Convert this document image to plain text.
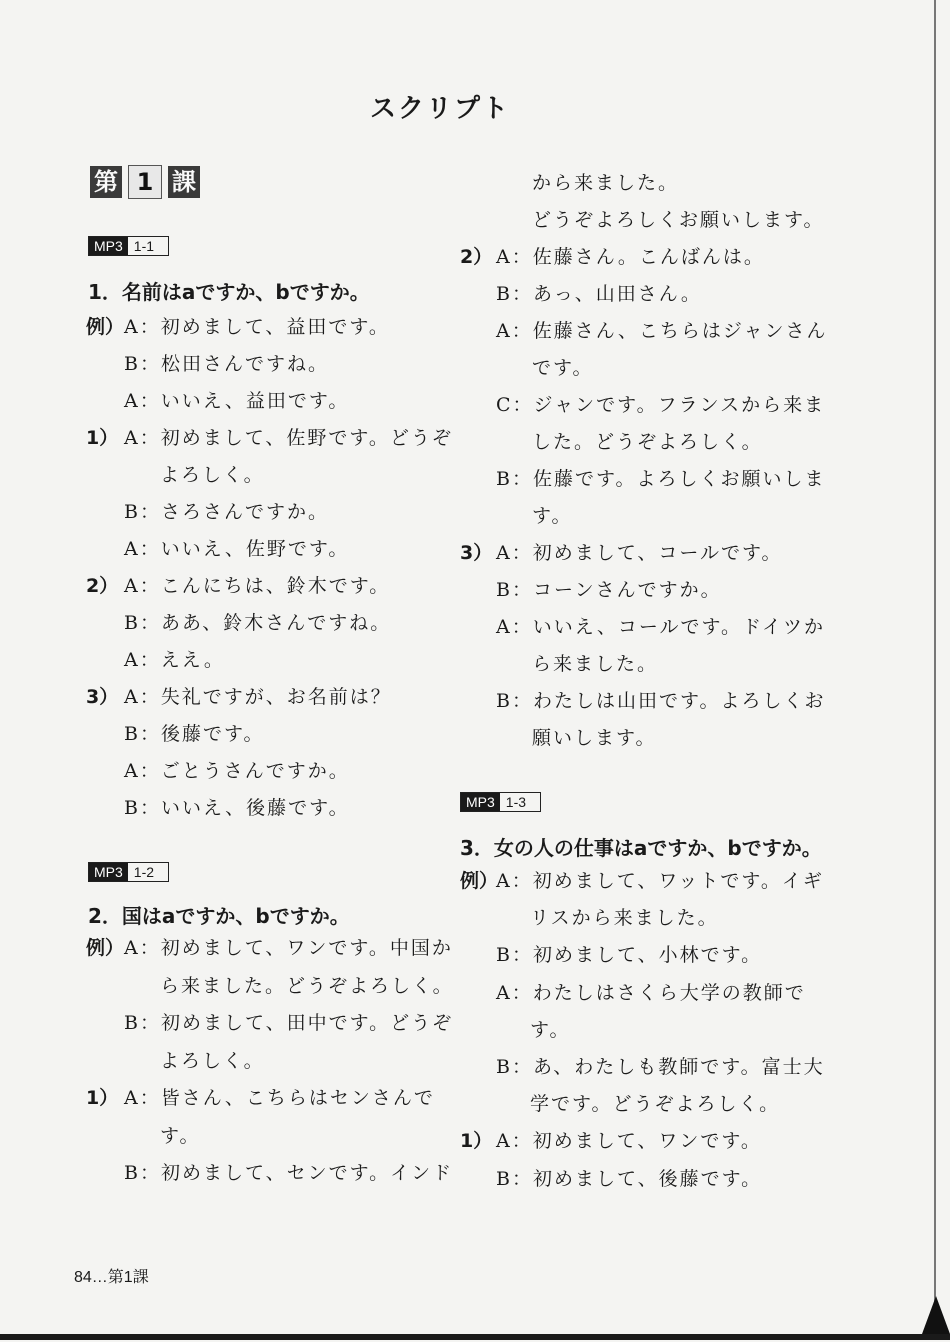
スクリプト
第 1 課
MP3 1-1
1．名前はaですか、bですか。
例） A：初めまして、益田です。
B：松田さんですね。
A：いいえ、益田です。
1） A：初めまして、佐野です。どうぞ
よろしく。
B：さろさんですか。
A：いいえ、佐野です。
2） A：こんにちは、鈴木です。
B：ああ、鈴木さんですね。
A：ええ。
3） A：失礼ですが、お名前は？
B：後藤です。
A：ごとうさんですか。
B：いいえ、後藤です。
MP3 1-2
2．国はaですか、bですか。
例） A：初めまして、ワンです。中国か
ら来ました。どうぞよろしく。
B：初めまして、田中です。どうぞ
よろしく。
1） A：皆さん、こちらはセンさんで
す。
B：初めまして、センです。インド
から来ました。
どうぞよろしくお願いします。
2） A：佐藤さん。こんばんは。
B：あっ、山田さん。
A：佐藤さん、こちらはジャンさん
です。
C：ジャンです。フランスから来ま
した。どうぞよろしく。
B：佐藤です。よろしくお願いしま
す。
3） A：初めまして、コールです。
B：コーンさんですか。
A：いいえ、コールです。ドイツか
ら来ました。
B：わたしは山田です。よろしくお
願いします。
MP3 1-3
3．女の人の仕事はaですか、bですか。
例）
A：初めまして、ワットです。イギ
リスから来ました。
B：初めまして、小林です。
A：わたしはさくら大学の教師で
す。
B：あ、わたしも教師です。富士大
学です。どうぞよろしく。
1） A：初めまして、ワンです。
B：初めまして、後藤です。
84…第1課
